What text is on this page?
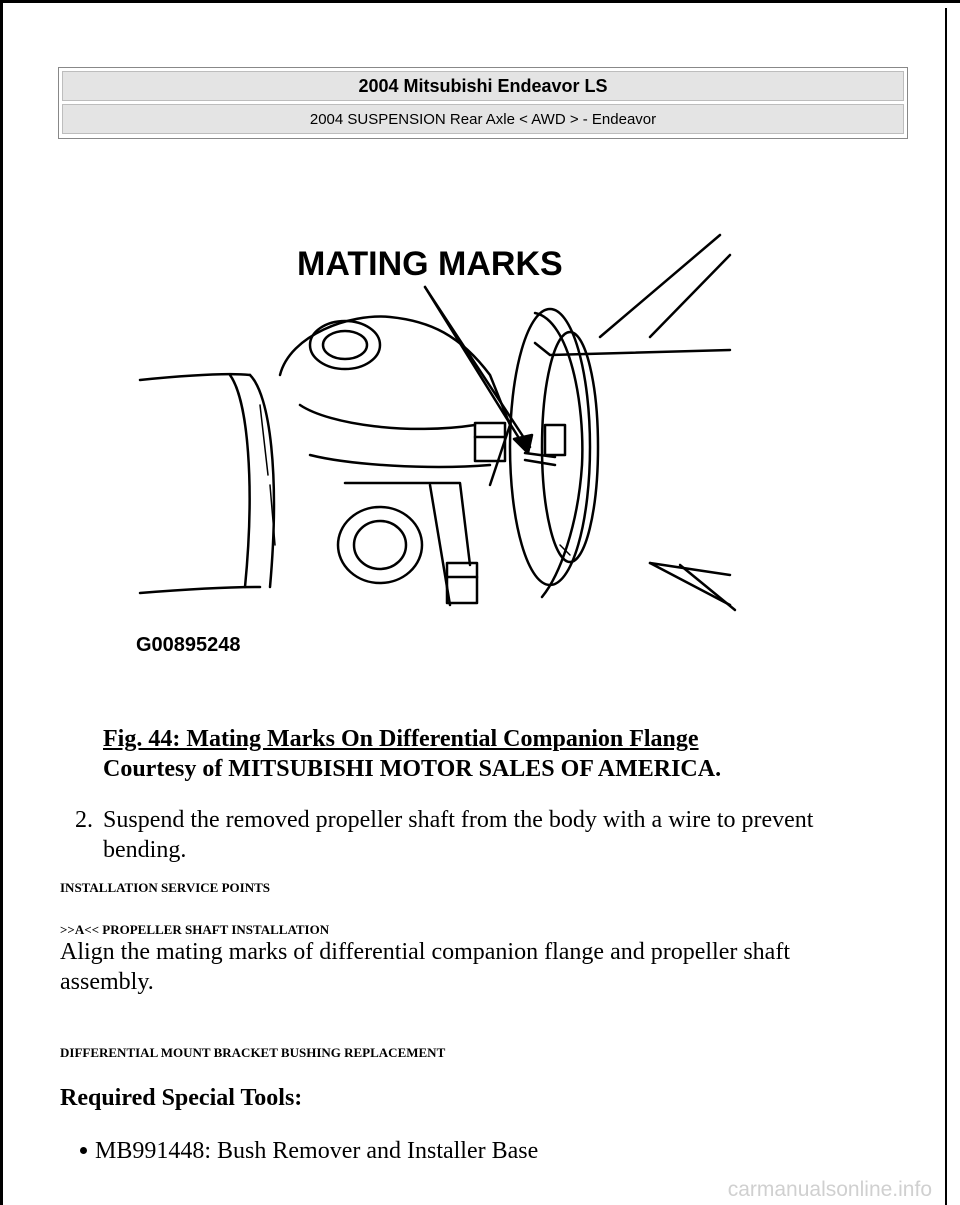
2004 Mitsubishi Endeavor LS
2004 SUSPENSION Rear Axle < AWD > - Endeavor
MATING MARKS
G00895248
Fig. 44: Mating Marks On Differential Companion Flange
Courtesy of MITSUBISHI MOTOR SALES OF AMERICA.
2. Suspend the removed propeller shaft from the body with a wire to prevent bending.
INSTALLATION SERVICE POINTS
>>A<< PROPELLER SHAFT INSTALLATION
Align the mating marks of differential companion flange and propeller shaft assembly.
DIFFERENTIAL MOUNT BRACKET BUSHING REPLACEMENT
Required Special Tools:
MB991448: Bush Remover and Installer Base
carmanualsonline.info
